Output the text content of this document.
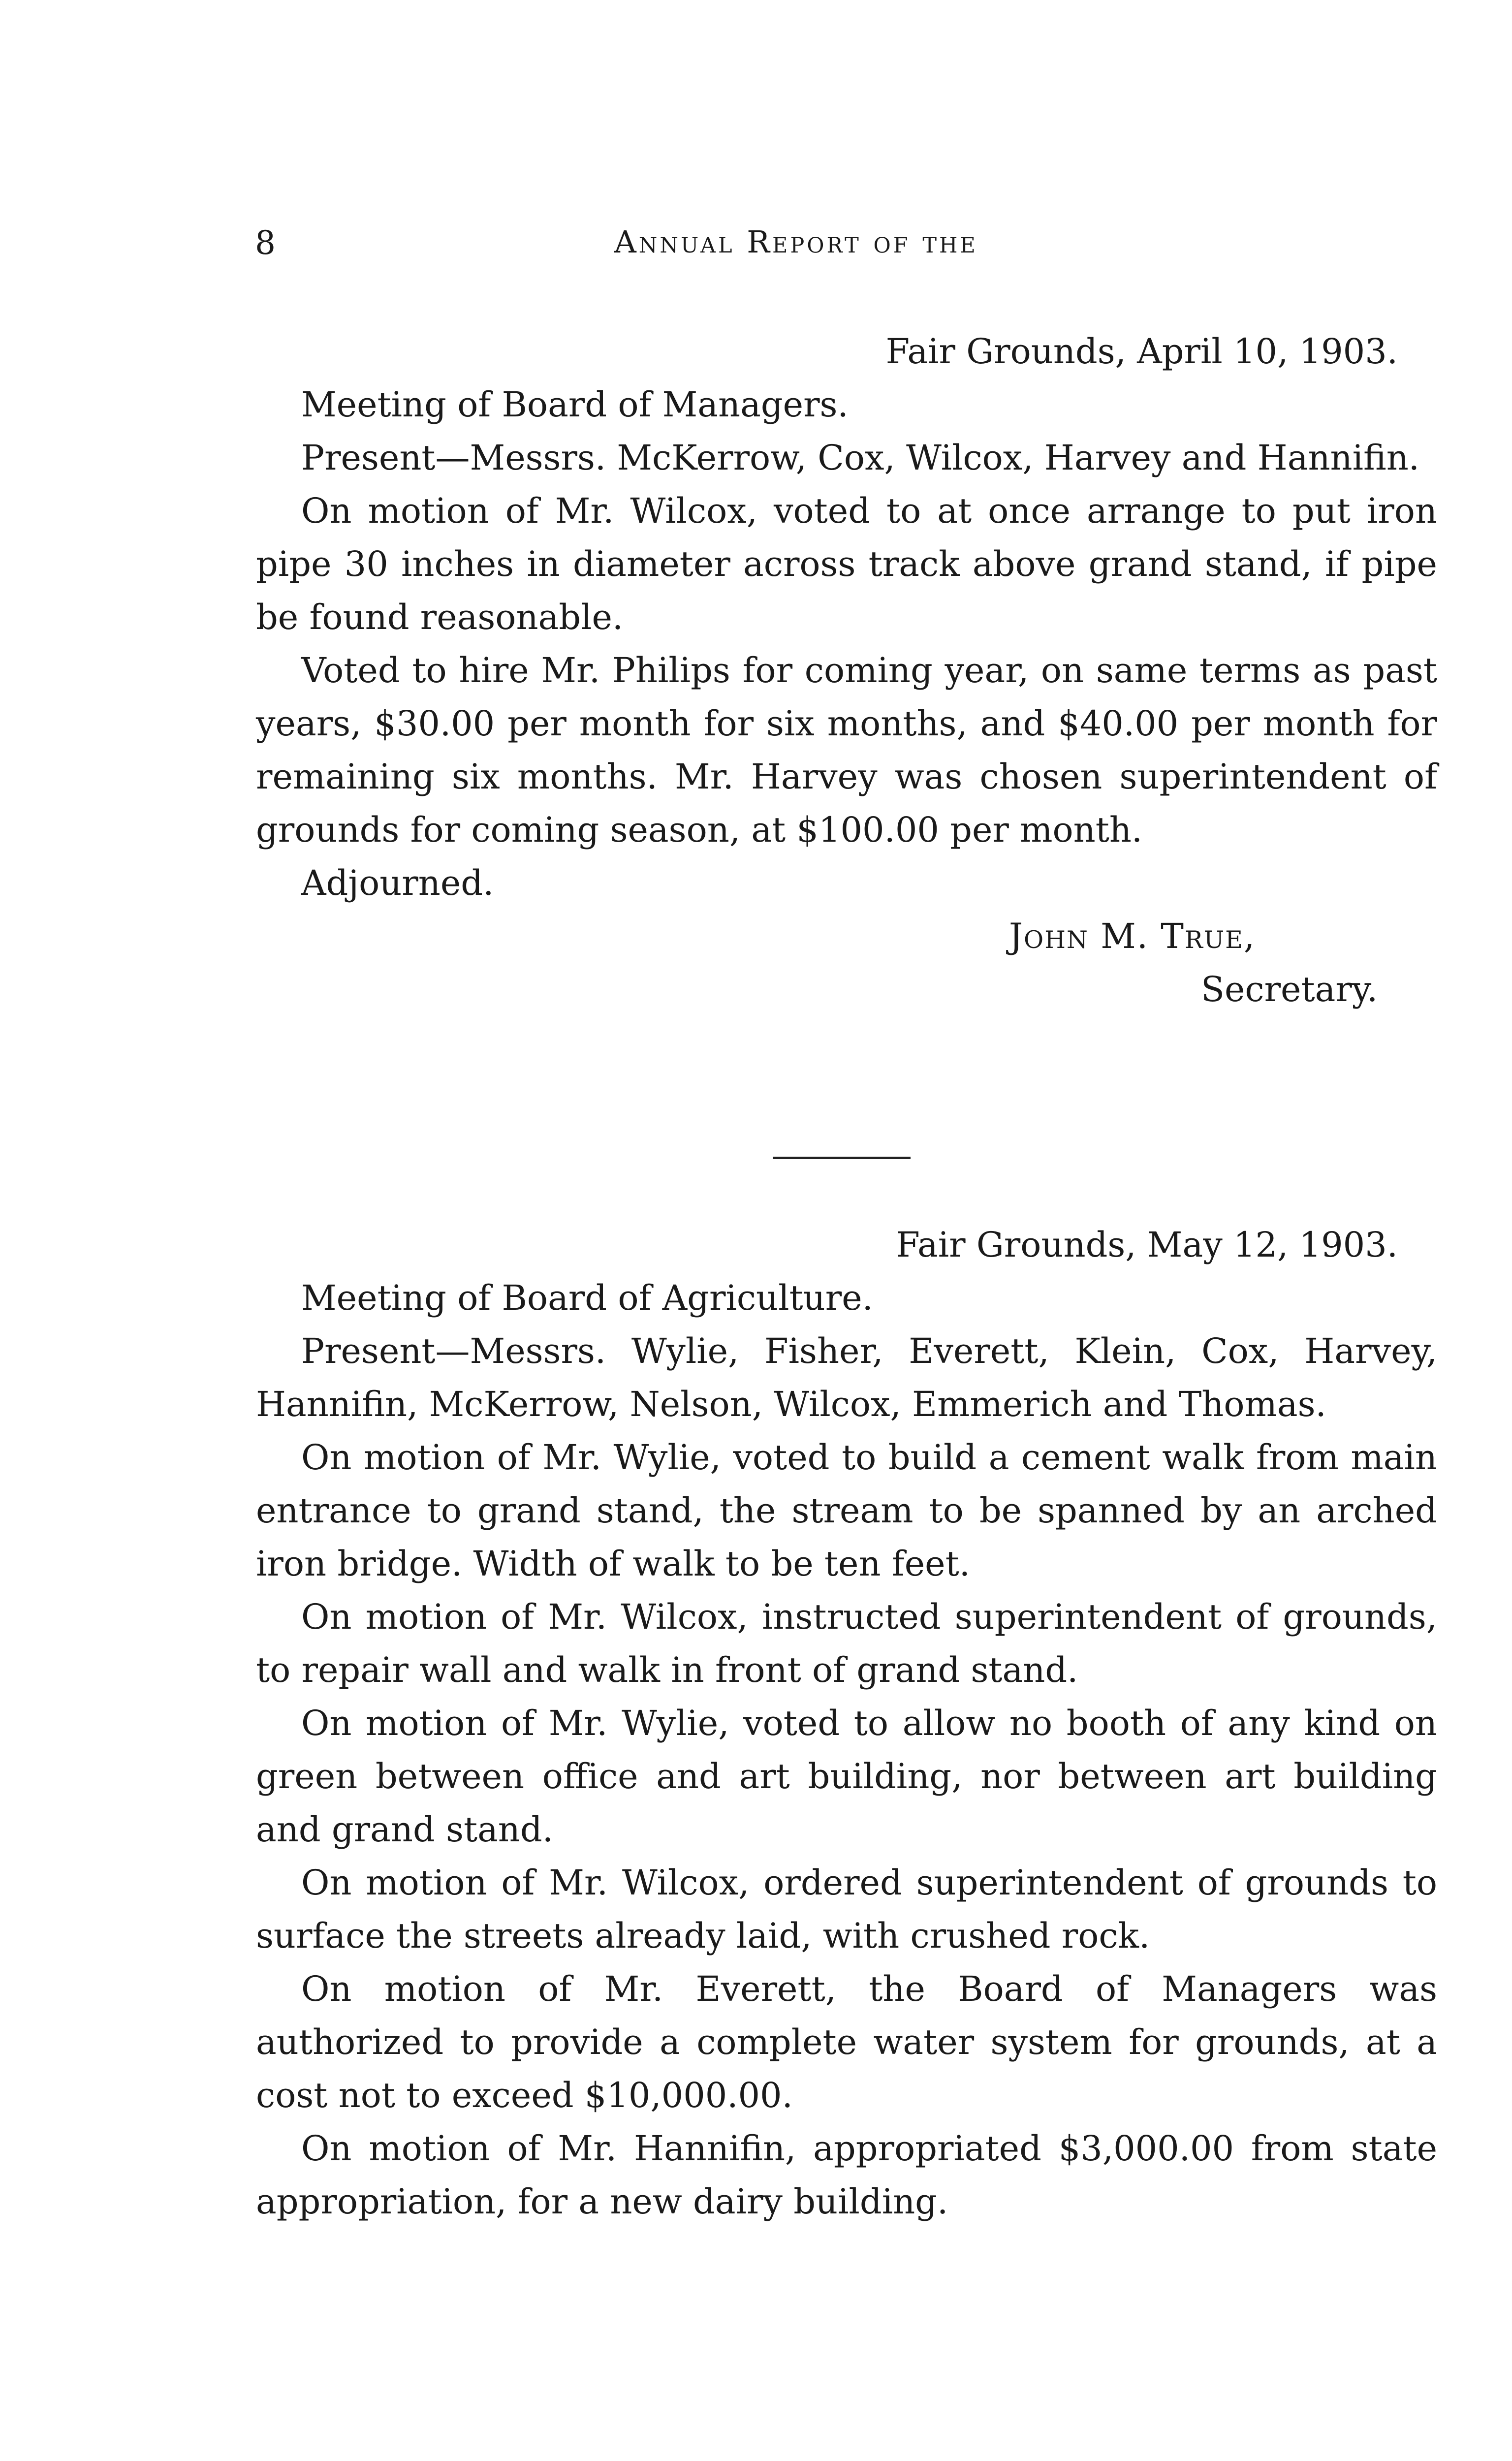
8	Annual Report of the

Fair Grounds, April 10, 1903.

Meeting of Board of Managers.

Present—Messrs. McKerrow, Cox, Wilcox, Harvey and Hannifin.

On motion of Mr. Wilcox, voted to at once arrange to put iron pipe 30 inches in diameter across track above grand stand, if pipe be found reasonable.

Voted to hire Mr. Philips for coming year, on same terms as past years, $30.00 per month for six months, and $40.00 per month for remaining six months. Mr. Harvey was chosen superintendent of grounds for coming season, at $100.00 per month.

Adjourned.

John M. True,

Secretary.

Fair Grounds, May 12, 1903.

Meeting of Board of Agriculture.

Present—Messrs. Wylie, Fisher, Everett, Klein, Cox, Harvey, Hannifin, McKerrow, Nelson, Wilcox, Emmerich and Thomas.

On motion of Mr. Wylie, voted to build a cement walk from main entrance to grand stand, the stream to be spanned by an arched iron bridge. Width of walk to be ten feet.

On motion of Mr. Wilcox, instructed superintendent of grounds, to repair wall and walk in front of grand stand.

On motion of Mr. Wylie, voted to allow no booth of any kind on green between office and art building, nor between art building and grand stand.

On motion of Mr. Wilcox, ordered superintendent of grounds to surface the streets already laid, with crushed rock.

On motion of Mr. Everett, the Board of Managers was authorized to provide a complete water system for grounds, at a cost not to exceed $10,000.00.

On motion of Mr. Hannifin, appropriated $3,000.00 from state appropriation, for a new dairy building.
